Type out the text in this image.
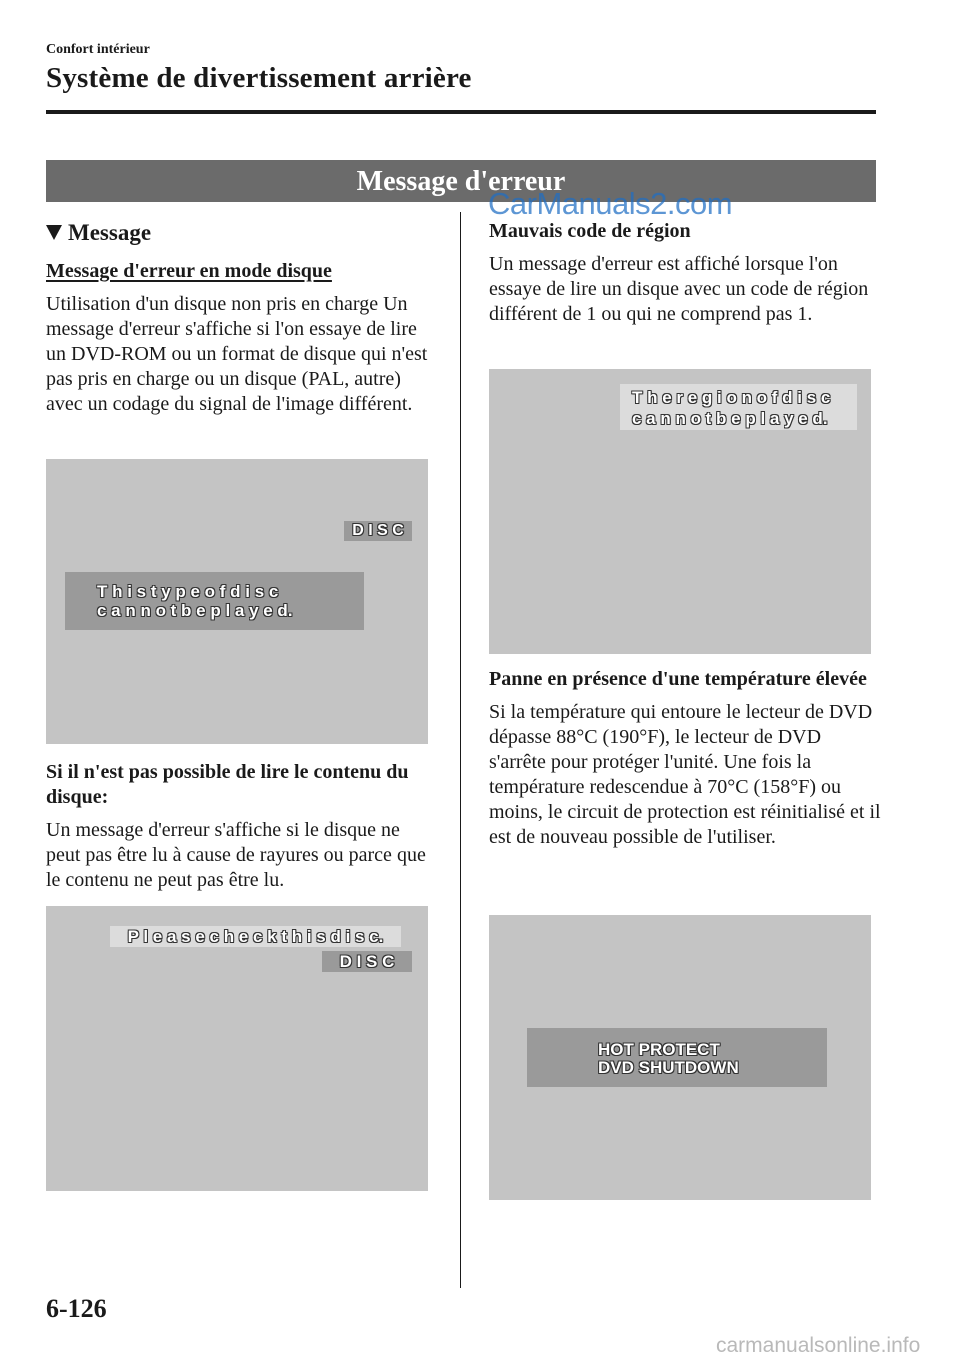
Confort intérieur
Système de divertissement arrière
Message d'erreur
CarManuals2.com
Message

Message d'erreur en mode disque

Utilisation d'un disque non pris en charge Un message d'erreur s'affiche si l'on essaye de lire un DVD-ROM ou un format de disque qui n'est pas pris en charge ou un disque (PAL, autre) avec un codage du signal de l'image différent.

D I S C
T h i s t y p e o f d i s c
c a n n o t b e p l a y e d.

Si il n'est pas possible de lire le contenu du disque:

Un message d'erreur s'affiche si le disque ne peut pas être lu à cause de rayures ou parce que le contenu ne peut pas être lu.

P l e a s e c h e c k t h i s d i s c.
D I S C

Mauvais code de région

Un message d'erreur est affiché lorsque l'on essaye de lire un disque avec un code de région différent de 1 ou qui ne comprend pas 1.

T h e r e g i o n o f d i s c
c a n n o t b e p l a y e d.

Panne en présence d'une température élevée

Si la température qui entoure le lecteur de DVD dépasse 88°C (190°F), le lecteur de DVD s'arrête pour protéger l'unité. Une fois la température redescendue à 70°C (158°F) ou moins, le circuit de protection est réinitialisé et il est de nouveau possible de l'utiliser.

HOT PROTECT
DVD SHUTDOWN
6-126
carmanualsonline.info
